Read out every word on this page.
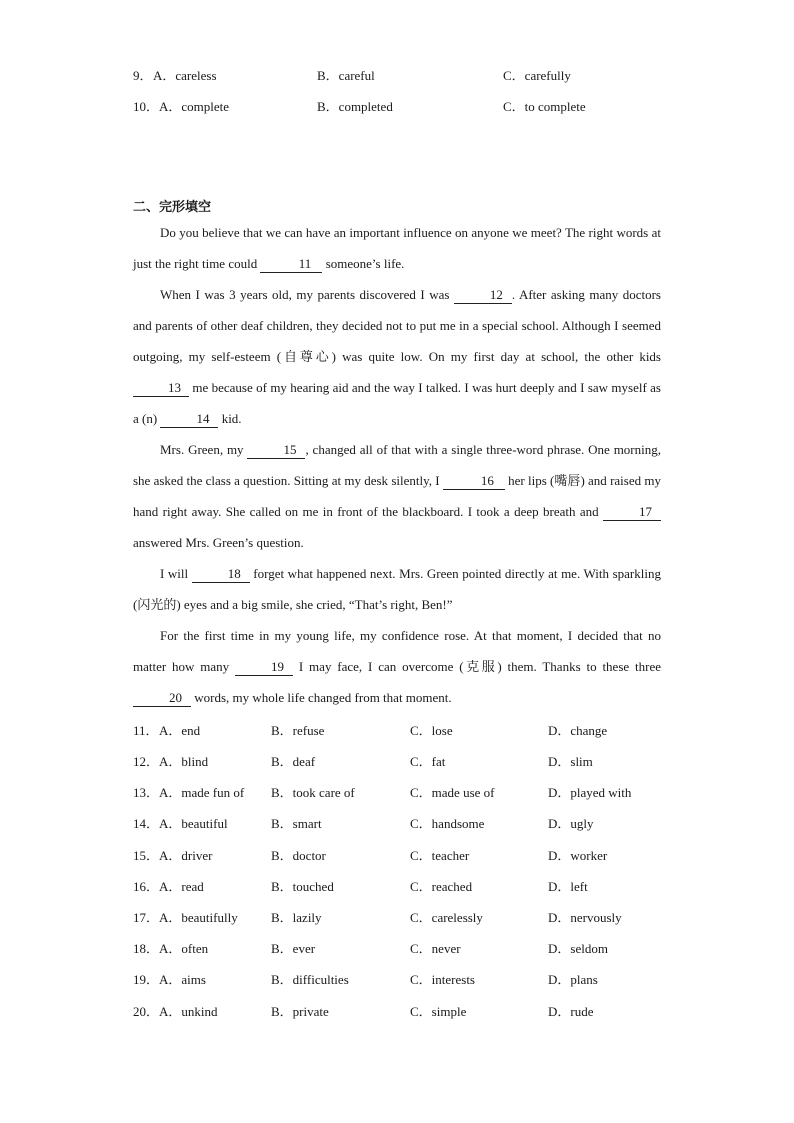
9． A．careless	B．careful	C．carefully
10． A．complete	B．completed	C．to complete
二、完形填空

Do you believe that we can have an important influence on anyone we meet? The right words at just the right time could	11 someone’s life.

When I was 3 years old, my parents discovered I was	12 . After asking many doctors and parents of other deaf children, they decided not to put me in a special school. Although I seemed outgoing, my self-esteem (自尊心) was quite low. On my first day at school, the other kids 13 me because of my hearing aid and the way I talked. I was hurt deeply and I saw myself as a (n)	14 kid.

Mrs. Green, my	15 , changed all of that with a single three-word phrase. One morning, she asked the class a question. Sitting at my desk silently, I	16 her lips (嘴唇) and raised my hand right away. She called on me in front of the blackboard. I took a deep breath and	17 answered Mrs. Green’s question.

I will	18 forget what happened next. Mrs. Green pointed directly at me. With sparkling (闪光的) eyes and a big smile, she cried, “That’s right, Ben!”

For the first time in my young life, my confidence rose. At that moment, I decided that no matter how many	19 I may face, I can overcome (克服) them. Thanks to these three 20 words, my whole life changed from that moment.

11． A．end	B．refuse	C．lose	D．change
12． A．blind	B．deaf	C．fat	D．slim
13． A．made fun of B．took care of	C．made use of	D．played with
14． A．beautiful	B．smart	C．handsome	D．ugly
15． A．driver	B．doctor	C．teacher	D．worker
16． A．read	B．touched	C．reached	D．left
17． A．beautifully	B．lazily	C．carelessly	D．nervously
18． A．often	B．ever	C．never	D．seldom
19． A．aims	B．difficulties	C．interests	D．plans
20． A．unkind	B．private	C．simple	D．rude
